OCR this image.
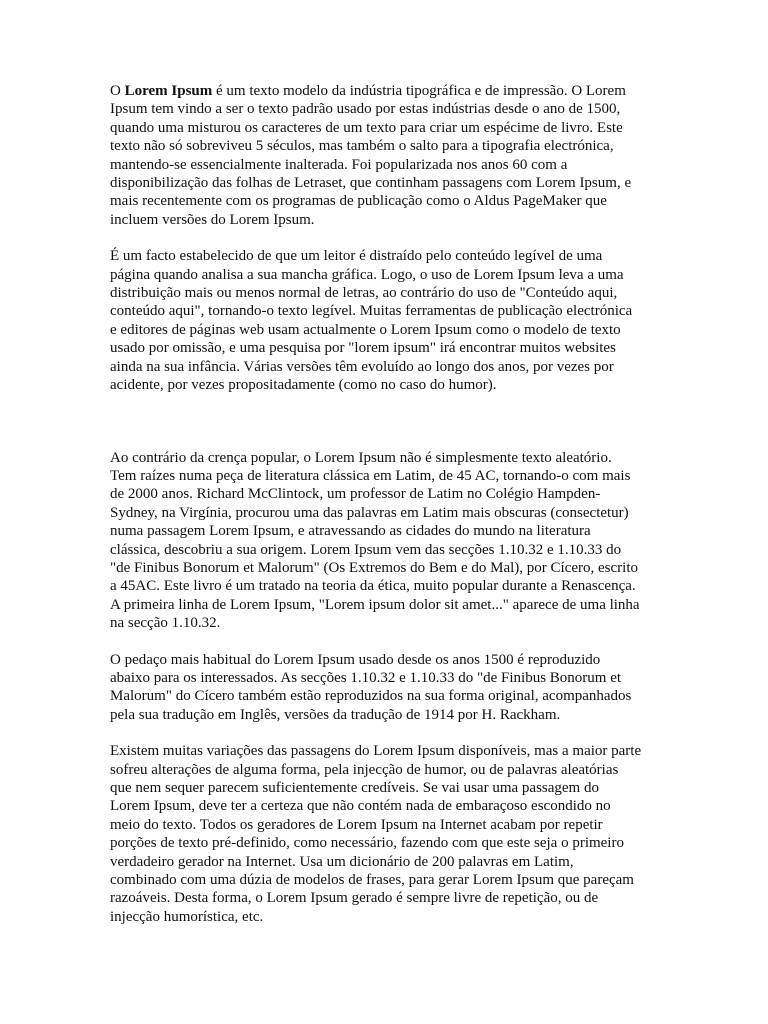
O Lorem Ipsum é um texto modelo da indústria tipográfica e de impressão. O Lorem
Ipsum tem vindo a ser o texto padrão usado por estas indústrias desde o ano de 1500,
quando uma misturou os caracteres de um texto para criar um espécime de livro. Este
texto não só sobreviveu 5 séculos, mas também o salto para a tipografia electrónica,
mantendo-se essencialmente inalterada. Foi popularizada nos anos 60 com a
disponibilização das folhas de Letraset, que continham passagens com Lorem Ipsum, e
mais recentemente com os programas de publicação como o Aldus PageMaker que
incluem versões do Lorem Ipsum.

É um facto estabelecido de que um leitor é distraído pelo conteúdo legível de uma
página quando analisa a sua mancha gráfica. Logo, o uso de Lorem Ipsum leva a uma
distribuição mais ou menos normal de letras, ao contrário do uso de "Conteúdo aqui,
conteúdo aqui", tornando-o texto legível. Muitas ferramentas de publicação electrónica
e editores de páginas web usam actualmente o Lorem Ipsum como o modelo de texto
usado por omissão, e uma pesquisa por "lorem ipsum" irá encontrar muitos websites
ainda na sua infância. Várias versões têm evoluído ao longo dos anos, por vezes por
acidente, por vezes propositadamente (como no caso do humor).

Ao contrário da crença popular, o Lorem Ipsum não é simplesmente texto aleatório.
Tem raízes numa peça de literatura clássica em Latim, de 45 AC, tornando-o com mais
de 2000 anos. Richard McClintock, um professor de Latim no Colégio Hampden-
Sydney, na Virgínia, procurou uma das palavras em Latim mais obscuras (consectetur)
numa passagem Lorem Ipsum, e atravessando as cidades do mundo na literatura
clássica, descobriu a sua origem. Lorem Ipsum vem das secções 1.10.32 e 1.10.33 do
"de Finibus Bonorum et Malorum" (Os Extremos do Bem e do Mal), por Cícero, escrito
a 45AC. Este livro é um tratado na teoria da ética, muito popular durante a Renascença.
A primeira linha de Lorem Ipsum, "Lorem ipsum dolor sit amet..." aparece de uma linha
na secção 1.10.32.

O pedaço mais habitual do Lorem Ipsum usado desde os anos 1500 é reproduzido
abaixo para os interessados. As secções 1.10.32 e 1.10.33 do "de Finibus Bonorum et
Malorum" do Cícero também estão reproduzidos na sua forma original, acompanhados
pela sua tradução em Inglês, versões da tradução de 1914 por H. Rackham.

Existem muitas variações das passagens do Lorem Ipsum disponíveis, mas a maior parte
sofreu alterações de alguma forma, pela injecção de humor, ou de palavras aleatórias
que nem sequer parecem suficientemente credíveis. Se vai usar uma passagem do
Lorem Ipsum, deve ter a certeza que não contém nada de embaraçoso escondido no
meio do texto. Todos os geradores de Lorem Ipsum na Internet acabam por repetir
porções de texto pré-definido, como necessário, fazendo com que este seja o primeiro
verdadeiro gerador na Internet. Usa um dicionário de 200 palavras em Latim,
combinado com uma dúzia de modelos de frases, para gerar Lorem Ipsum que pareçam
razoáveis. Desta forma, o Lorem Ipsum gerado é sempre livre de repetição, ou de
injecção humorística, etc.
